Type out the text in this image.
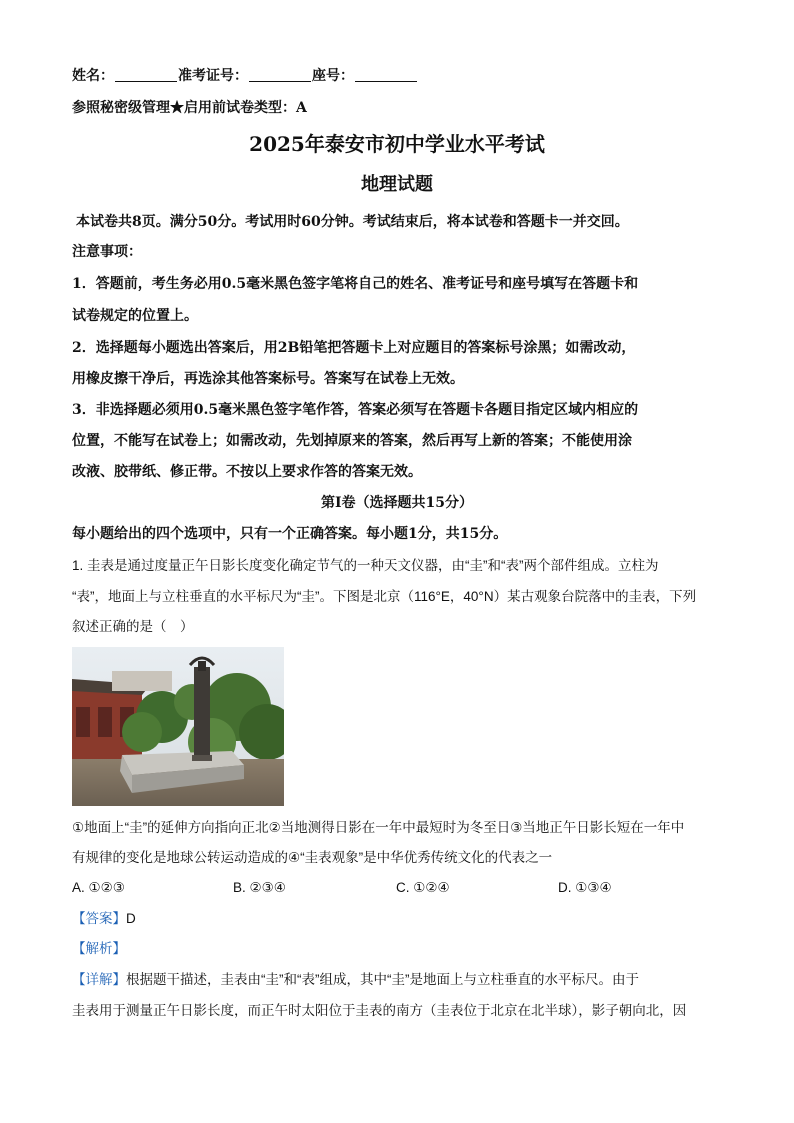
姓名：	准考证号：	座号：
参照秘密级管理★启用前试卷类型：A
2025年泰安市初中学业水平考试
地理试题
本试卷共8页。满分50分。考试用时60分钟。考试结束后，将本试卷和答题卡一并交回。
注意事项：
1．答题前，考生务必用0.5毫米黑色签字笔将自己的姓名、准考证号和座号填写在答题卡和
试卷规定的位置上。
2．选择题每小题选出答案后，用2B铅笔把答题卡上对应题目的答案标号涂黑；如需改动，
用橡皮擦干净后，再选涂其他答案标号。答案写在试卷上无效。
3．非选择题必须用0.5毫米黑色签字笔作答，答案必须写在答题卡各题目指定区域内相应的
位置，不能写在试卷上；如需改动，先划掉原来的答案，然后再写上新的答案；不能使用涂
改液、胶带纸、修正带。不按以上要求作答的答案无效。
第Ⅰ卷（选择题共15分）
每小题给出的四个选项中，只有一个正确答案。每小题1分，共15分。
1. 圭表是通过度量正午日影长度变化确定节气的一种天文仪器，由“圭”和“表”两个部件组成。立柱为
“表”，地面上与立柱垂直的水平标尺为“圭”。下图是北京（116°E，40°N）某古观象台院落中的圭表，下列
叙述正确的是（　）
①地面上“圭”的延伸方向指向正北②当地测得日影在一年中最短时为冬至日③当地正午日影长短在一年中
有规律的变化是地球公转运动造成的④“圭表观象”是中华优秀传统文化的代表之一
A. ①②③	B. ②③④	C. ①②④	D. ①③④
【答案】D
【解析】
【详解】根据题干描述，圭表由“圭”和“表”组成，其中“圭”是地面上与立柱垂直的水平标尺。由于
圭表用于测量正午日影长度，而正午时太阳位于圭表的南方（圭表位于北京在北半球），影子朝向北，因
